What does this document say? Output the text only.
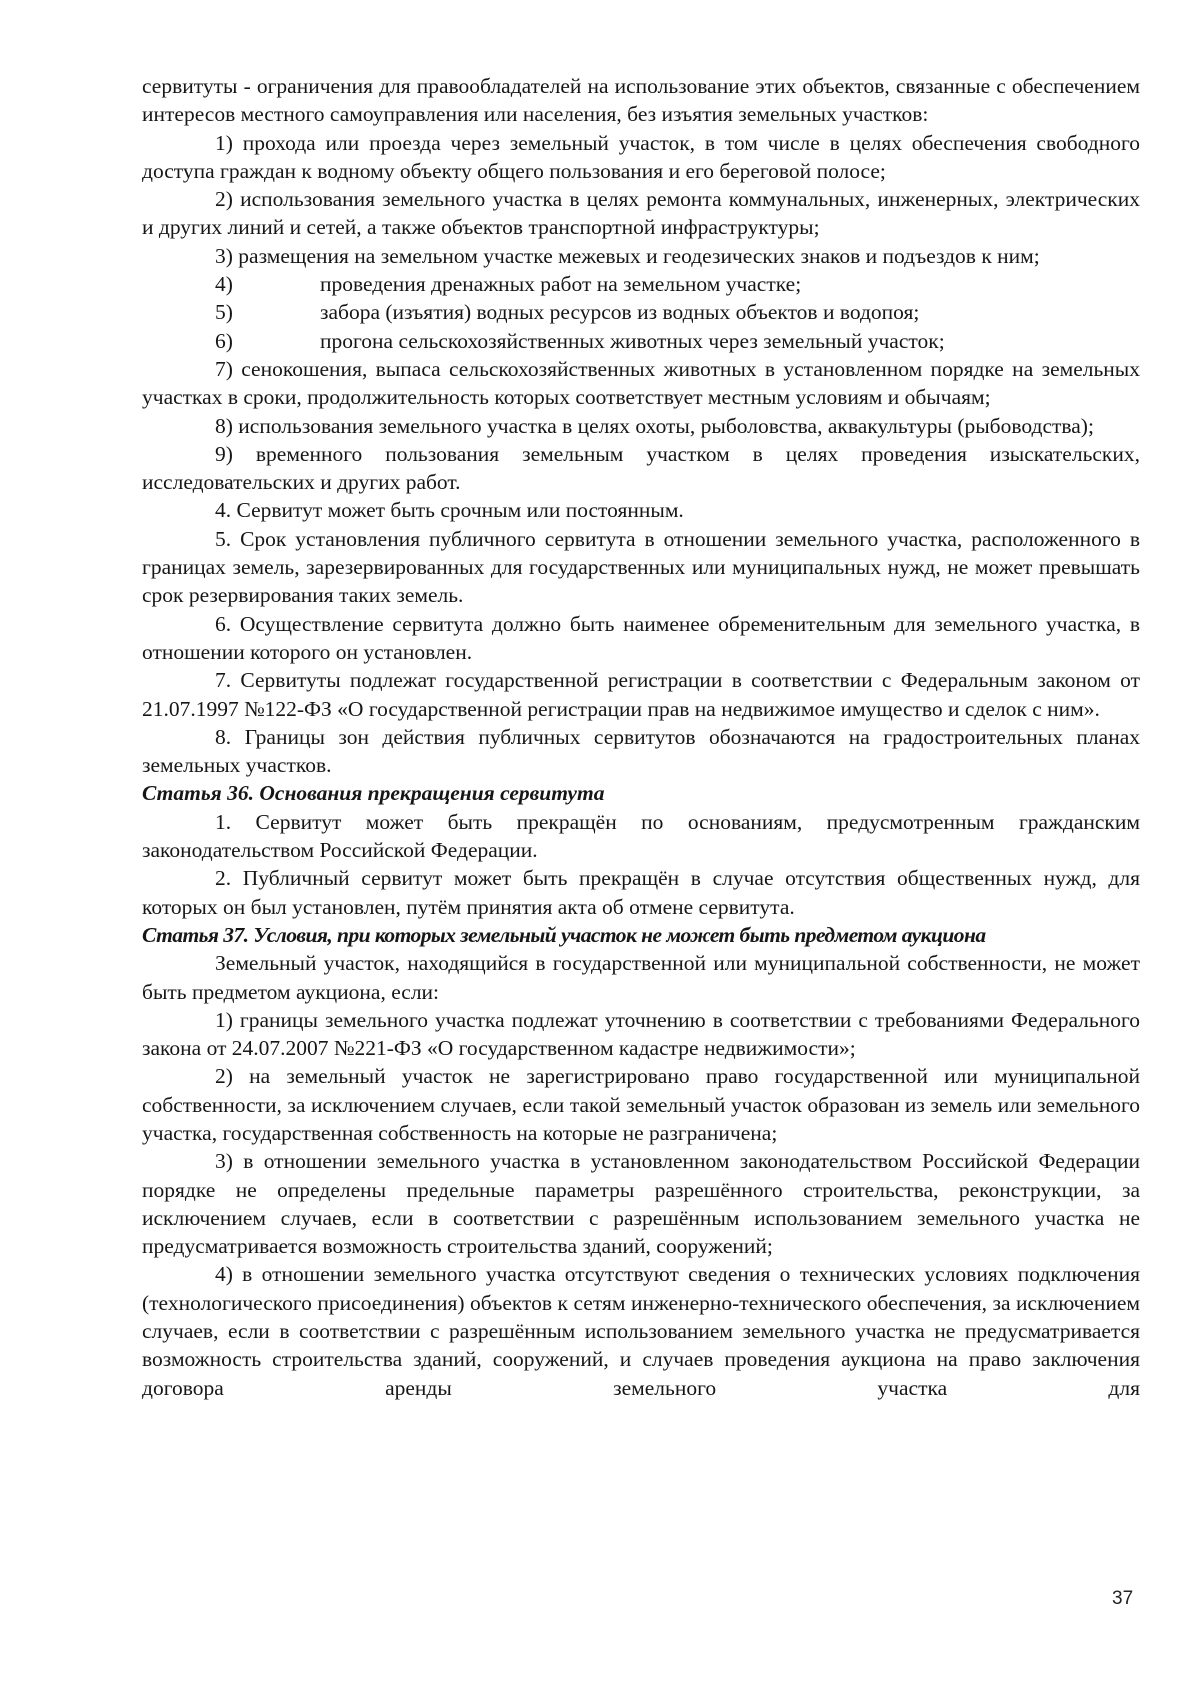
сервитуты - ограничения для правообладателей на использование этих объектов, связанные с обеспечением интересов местного самоуправления или населения, без изъятия земельных участков:

1) прохода или проезда через земельный участок, в том числе в целях обеспечения свободного доступа граждан к водному объекту общего пользования и его береговой полосе;

2) использования земельного участка в целях ремонта коммунальных, инженерных, электрических и других линий и сетей, а также объектов транспортной инфраструктуры;

3) размещения на земельном участке межевых и геодезических знаков и подъездов к ним;

4)	проведения дренажных работ на земельном участке;
5)	забора (изъятия) водных ресурсов из водных объектов и водопоя;
6)	прогона сельскохозяйственных животных через земельный участок;

7) сенокошения, выпаса сельскохозяйственных животных в установленном порядке на земельных участках в сроки, продолжительность которых соответствует местным условиям и обычаям;

8) использования земельного участка в целях охоты, рыболовства, аквакультуры (рыбоводства);

9) временного пользования земельным участком в целях проведения изыскательских, исследовательских и других работ.

4. Сервитут может быть срочным или постоянным.

5. Срок установления публичного сервитута в отношении земельного участка, расположенного в границах земель, зарезервированных для государственных или муниципальных нужд, не может превышать срок резервирования таких земель.

6. Осуществление сервитута должно быть наименее обременительным для земельного участка, в отношении которого он установлен.

7. Сервитуты подлежат государственной регистрации в соответствии с Федеральным законом от 21.07.1997 №122-ФЗ «О государственной регистрации прав на недвижимое имущество и сделок с ним».

8. Границы зон действия публичных сервитутов обозначаются на градостроительных планах земельных участков.

Статья 36. Основания прекращения сервитута

1. Сервитут может быть прекращён по основаниям, предусмотренным гражданским законодательством Российской Федерации.

2. Публичный сервитут может быть прекращён в случае отсутствия общественных нужд, для которых он был установлен, путём принятия акта об отмене сервитута.

Статья 37. Условия, при которых земельный участок не может быть предметом аукциона

Земельный участок, находящийся в государственной или муниципальной собственности, не может быть предметом аукциона, если:

1) границы земельного участка подлежат уточнению в соответствии с требованиями Федерального закона от 24.07.2007 №221-ФЗ «О государственном кадастре недвижимости»;

2) на земельный участок не зарегистрировано право государственной или муниципальной собственности, за исключением случаев, если такой земельный участок образован из земель или земельного участка, государственная собственность на которые не разграничена;

3) в отношении земельного участка в установленном законодательством Российской Федерации порядке не определены предельные параметры разрешённого строительства, реконструкции, за исключением случаев, если в соответствии с разрешённым использованием земельного участка не предусматривается возможность строительства зданий, сооружений;

4) в отношении земельного участка отсутствуют сведения о технических условиях подключения (технологического присоединения) объектов к сетям инженерно-технического обеспечения, за исключением случаев, если в соответствии с разрешённым использованием земельного участка не предусматривается возможность строительства зданий, сооружений, и случаев проведения аукциона на право заключения договора аренды земельного участка для

37
